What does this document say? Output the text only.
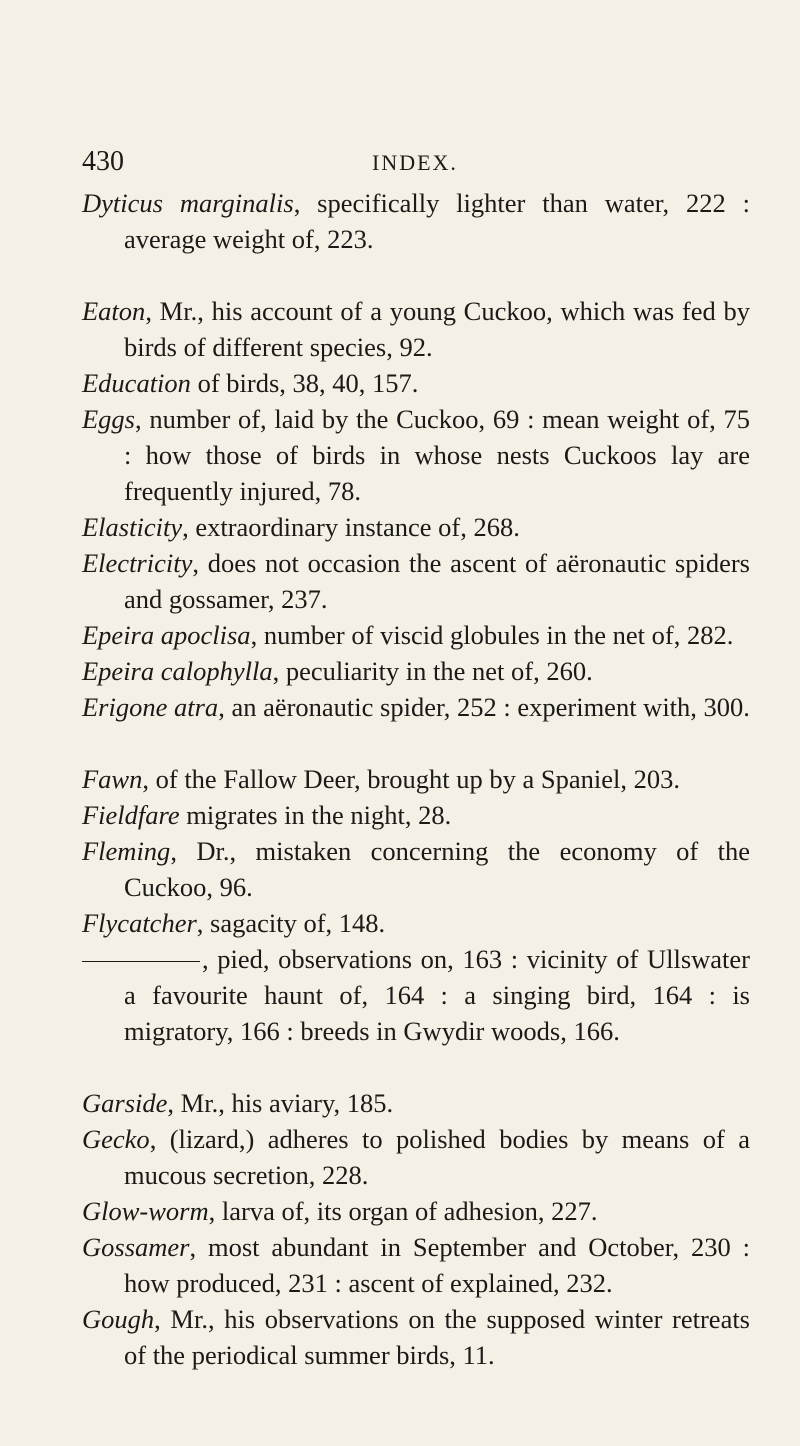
430	INDEX.
Dyticus marginalis, specifically lighter than water, 222 : average weight of, 223.
Eaton, Mr., his account of a young Cuckoo, which was fed by birds of different species, 92.
Education of birds, 38, 40, 157.
Eggs, number of, laid by the Cuckoo, 69 : mean weight of, 75 : how those of birds in whose nests Cuckoos lay are frequently injured, 78.
Elasticity, extraordinary instance of, 268.
Electricity, does not occasion the ascent of aëronautic spiders and gossamer, 237.
Epeira apoclisa, number of viscid globules in the net of, 282.
Epeira calophylla, peculiarity in the net of, 260.
Erigone atra, an aëronautic spider, 252 : experiment with, 300.
Fawn, of the Fallow Deer, brought up by a Spaniel, 203.
Fieldfare migrates in the night, 28.
Fleming, Dr., mistaken concerning the economy of the Cuckoo, 96.
Flycatcher, sagacity of, 148.
, pied, observations on, 163 : vicinity of Ullswater a favourite haunt of, 164 : a singing bird, 164 : is migratory, 166 : breeds in Gwydir woods, 166.
Garside, Mr., his aviary, 185.
Gecko, (lizard,) adheres to polished bodies by means of a mucous secretion, 228.
Glow-worm, larva of, its organ of adhesion, 227.
Gossamer, most abundant in September and October, 230 : how produced, 231 : ascent of explained, 232.
Gough, Mr., his observations on the supposed winter retreats of the periodical summer birds, 11.
